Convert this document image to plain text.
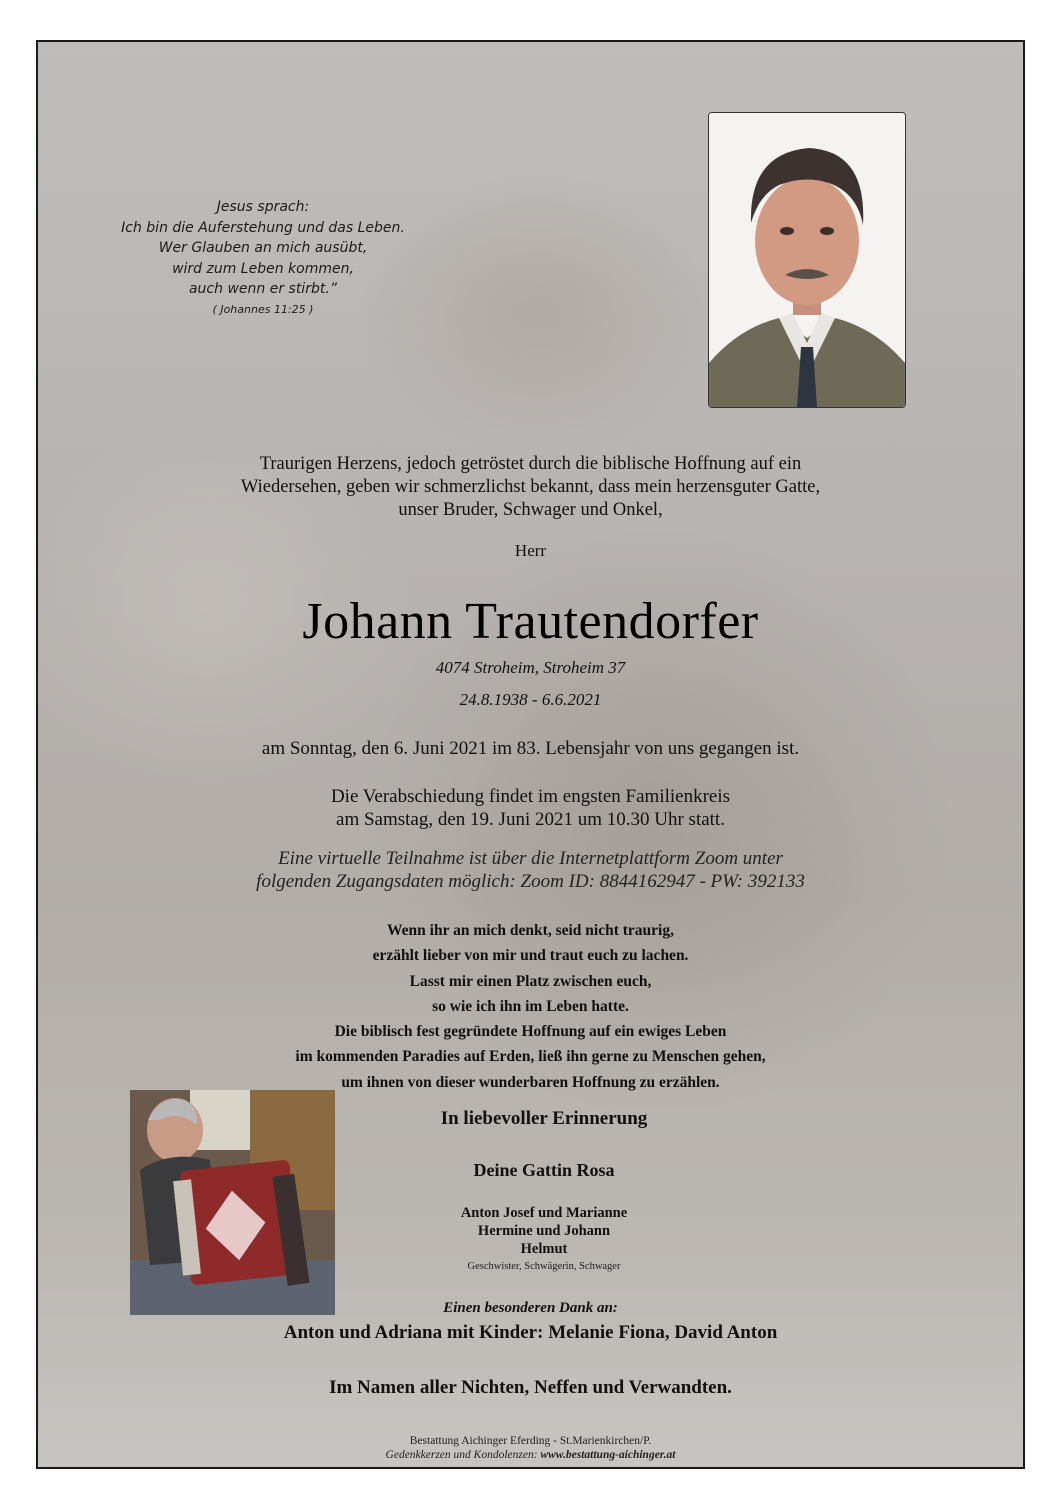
Jesus sprach:
Ich bin die Auferstehung und das Leben.
Wer Glauben an mich ausübt,
wird zum Leben kommen,
auch wenn er stirbt.”
( Johannes 11:25 )
Traurigen Herzens, jedoch getröstet durch die biblische Hoffnung auf ein
Wiedersehen, geben wir schmerzlichst bekannt, dass mein herzensguter Gatte,
unser Bruder, Schwager und Onkel,
Herr
Johann Trautendorfer
4074 Stroheim, Stroheim 37
24.8.1938 - 6.6.2021
am Sonntag, den 6. Juni 2021 im 83. Lebensjahr von uns gegangen ist.
Die Verabschiedung findet im engsten Familienkreis
am Samstag, den 19. Juni 2021 um 10.30 Uhr statt.
Eine virtuelle Teilnahme ist über die Internetplattform Zoom unter
folgenden Zugangsdaten möglich: Zoom ID: 8844162947 - PW: 392133
Wenn ihr an mich denkt, seid nicht traurig,
erzählt lieber von mir und traut euch zu lachen.
Lasst mir einen Platz zwischen euch,
so wie ich ihn im Leben hatte.
Die biblisch fest gegründete Hoffnung auf ein ewiges Leben
im kommenden Paradies auf Erden, ließ ihn gerne zu Menschen gehen,
um ihnen von dieser wunderbaren Hoffnung zu erzählen.
In liebevoller Erinnerung
Deine Gattin Rosa
Anton Josef und Marianne
Hermine und Johann
Helmut
Geschwister, Schwägerin, Schwager
Einen besonderen Dank an:
Anton und Adriana mit Kinder: Melanie Fiona, David Anton
Im Namen aller Nichten, Neffen und Verwandten.
Bestattung Aichinger Eferding - St.Marienkirchen/P.
Gedenkkerzen und Kondolenzen: www.bestattung-aichinger.at
